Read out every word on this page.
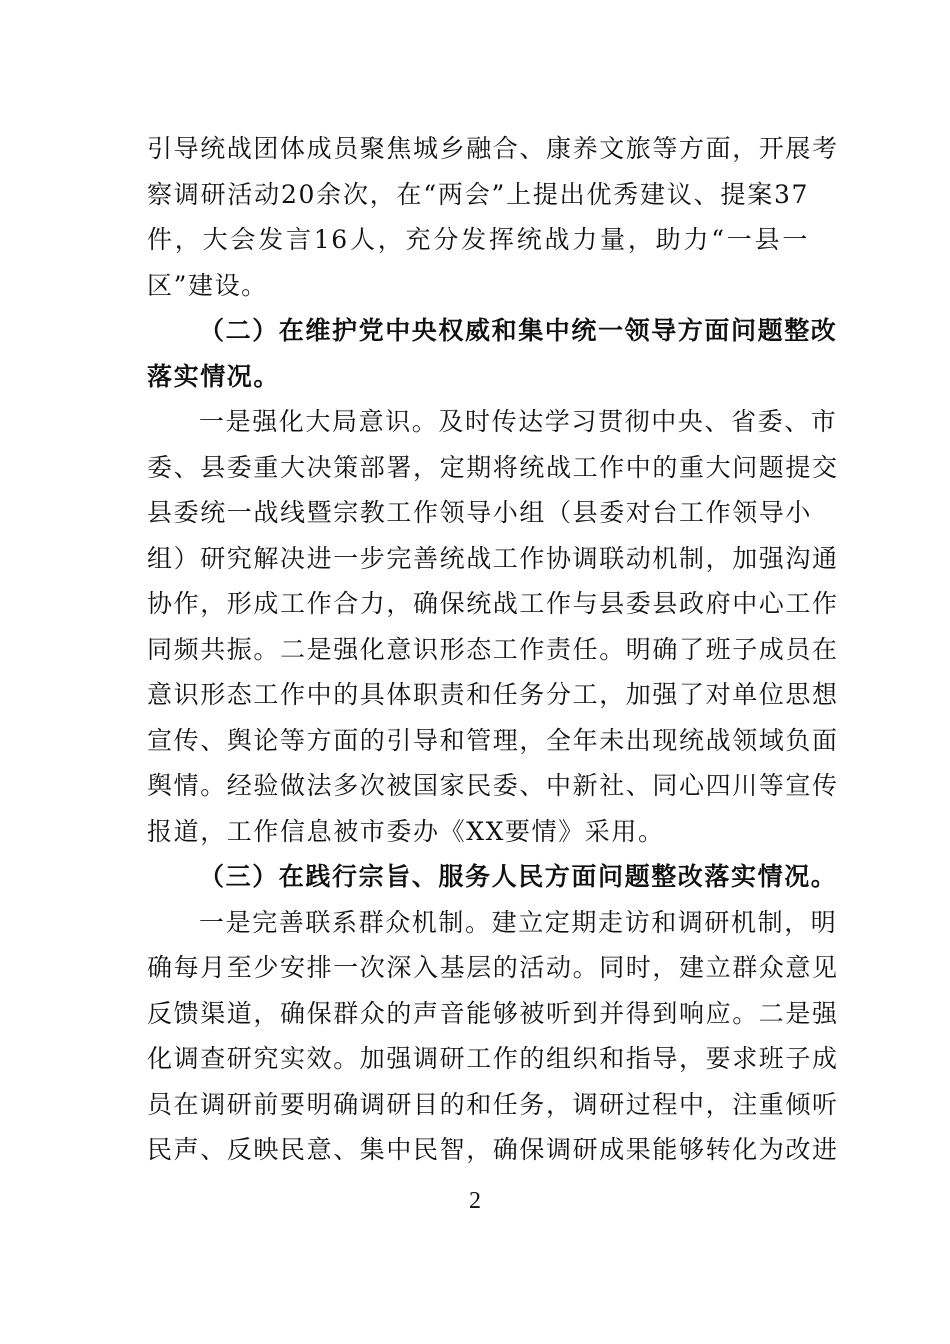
引导统战团体成员聚焦城乡融合、康养文旅等方面，开展考
察调研活动20余次，在“两会”上提出优秀建议、提案37
件，大会发言16人，充分发挥统战力量，助力“一县一
区”建设。
（二）在维护党中央权威和集中统一领导方面问题整改
落实情况。
一是强化大局意识。及时传达学习贯彻中央、省委、市
委、县委重大决策部署，定期将统战工作中的重大问题提交
县委统一战线暨宗教工作领导小组（县委对台工作领导小
组）研究解决进一步完善统战工作协调联动机制，加强沟通
协作，形成工作合力，确保统战工作与县委县政府中心工作
同频共振。二是强化意识形态工作责任。明确了班子成员在
意识形态工作中的具体职责和任务分工，加强了对单位思想
宣传、舆论等方面的引导和管理，全年未出现统战领域负面
舆情。经验做法多次被国家民委、中新社、同心四川等宣传
报道，工作信息被市委办《XX要情》采用。
（三）在践行宗旨、服务人民方面问题整改落实情况。
一是完善联系群众机制。建立定期走访和调研机制，明
确每月至少安排一次深入基层的活动。同时，建立群众意见
反馈渠道，确保群众的声音能够被听到并得到响应。二是强
化调查研究实效。加强调研工作的组织和指导，要求班子成
员在调研前要明确调研目的和任务，调研过程中，注重倾听
民声、反映民意、集中民智，确保调研成果能够转化为改进
2
